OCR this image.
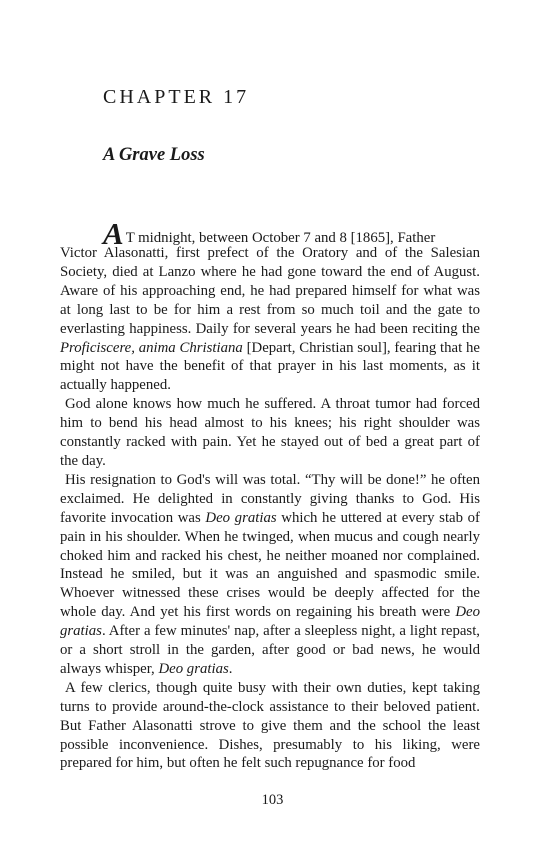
CHAPTER 17
A Grave Loss

A T midnight, between October 7 and 8 [1865], Father
Victor Alasonatti, first prefect of the Oratory and of the Salesian Society, died at Lanzo where he had gone toward the end of August. Aware of his approaching end, he had prepared himself for what was at long last to be for him a rest from so much toil and the gate to everlasting happiness. Daily for several years he had been reciting the Proficiscere, anima Christiana [Depart, Christian soul], fearing that he might not have the benefit of that prayer in his last moments, as it actually happened.

God alone knows how much he suffered. A throat tumor had forced him to bend his head almost to his knees; his right shoulder was constantly racked with pain. Yet he stayed out of bed a great part of the day.

His resignation to God's will was total. “Thy will be done!” he often exclaimed. He delighted in constantly giving thanks to God. His favorite invocation was Deo gratias which he uttered at every stab of pain in his shoulder. When he twinged, when mucus and cough nearly choked him and racked his chest, he neither moaned nor complained. Instead he smiled, but it was an anguished and spasmodic smile. Whoever witnessed these crises would be deeply affected for the whole day. And yet his first words on regaining his breath were Deo gratias. After a few minutes' nap, after a sleepless night, a light repast, or a short stroll in the garden, after good or bad news, he would always whisper, Deo gratias.

A few clerics, though quite busy with their own duties, kept taking turns to provide around-the-clock assistance to their beloved patient. But Father Alasonatti strove to give them and the school the least possible inconvenience. Dishes, presumably to his liking, were prepared for him, but often he felt such repugnance for food

103
